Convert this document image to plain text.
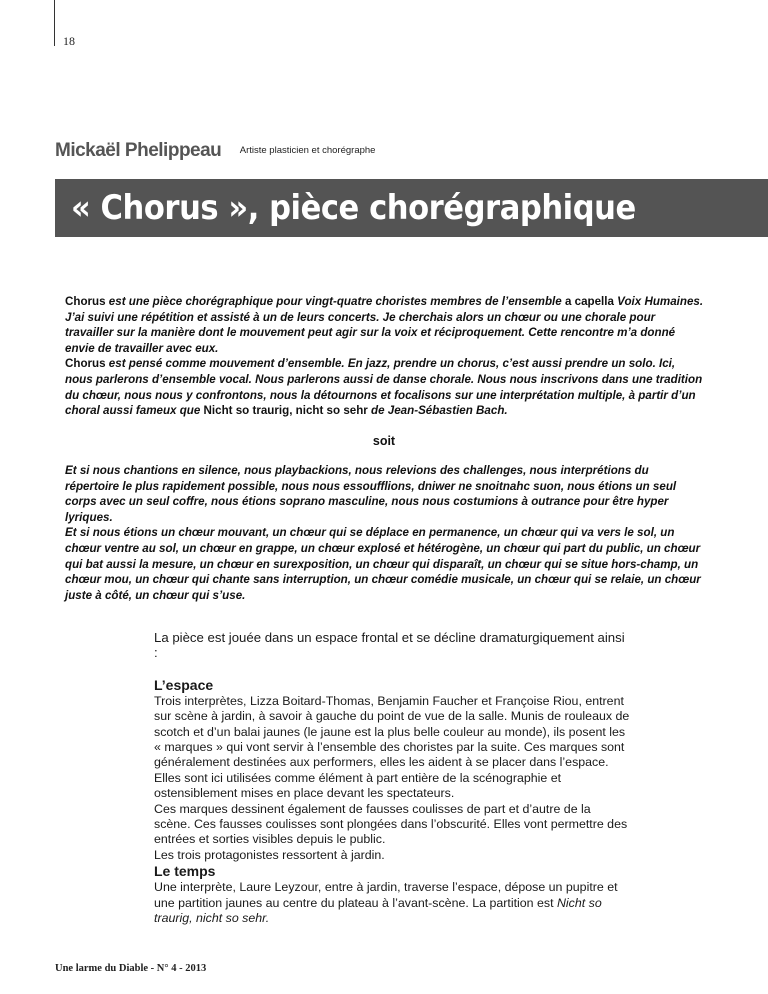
18
Mickaël Phelippeau Artiste plasticien et chorégraphe
« Chorus », pièce chorégraphique

Chorus est une pièce chorégraphique pour vingt-quatre choristes membres de l’ensemble a capella Voix Humaines. J’ai suivi une répétition et assisté à un de leurs concerts. Je cherchais alors un chœur ou une chorale pour travailler sur la manière dont le mouvement peut agir sur la voix et réciproquement. Cette rencontre m’a donné envie de travailler avec eux.

Chorus est pensé comme mouvement d’ensemble. En jazz, prendre un chorus, c’est aussi prendre un solo. Ici, nous parlerons d’ensemble vocal. Nous parlerons aussi de danse chorale. Nous nous inscrivons dans une tradition du chœur, nous nous y confrontons, nous la détournons et focalisons sur une interprétation multiple, à partir d’un choral aussi fameux que Nicht so traurig, nicht so sehr de Jean-Sébastien Bach.

soit

Et si nous chantions en silence, nous playbackions, nous relevions des challenges, nous interprétions du répertoire le plus rapidement possible, nous nous essoufflions, dniwer ne snoitnahc suon, nous étions un seul corps avec un seul coffre, nous étions soprano masculine, nous nous costumions à outrance pour être hyper lyriques.

Et si nous étions un chœur mouvant, un chœur qui se déplace en permanence, un chœur qui va vers le sol, un chœur ventre au sol, un chœur en grappe, un chœur explosé et hétérogène, un chœur qui part du public, un chœur qui bat aussi la mesure, un chœur en surexposition, un chœur qui disparaît, un chœur qui se situe hors-champ, un chœur mou, un chœur qui chante sans interruption, un chœur comédie musicale, un chœur qui se relaie, un chœur juste à côté, un chœur qui s’use.

La pièce est jouée dans un espace frontal et se décline dramaturgiquement ainsi :

L’espace

Trois interprètes, Lizza Boitard-Thomas, Benjamin Faucher et Françoise Riou, entrent sur scène à jardin, à savoir à gauche du point de vue de la salle. Munis de rouleaux de scotch et d’un balai jaunes (le jaune est la plus belle couleur au monde), ils posent les « marques » qui vont servir à l’ensemble des choristes par la suite. Ces marques sont généralement destinées aux performers, elles les aident à se placer dans l’espace. Elles sont ici utilisées comme élément à part entière de la scénographie et ostensiblement mises en place devant les spectateurs.

Ces marques dessinent également de fausses coulisses de part et d’autre de la scène. Ces fausses coulisses sont plongées dans l’obscurité. Elles vont permettre des entrées et sorties visibles depuis le public.

Les trois protagonistes ressortent à jardin.

Le temps

Une interprète, Laure Leyzour, entre à jardin, traverse l’espace, dépose un pupitre et une partition jaunes au centre du plateau à l’avant-scène. La partition est Nicht so traurig, nicht so sehr.

Une larme du Diable - N° 4 - 2013
